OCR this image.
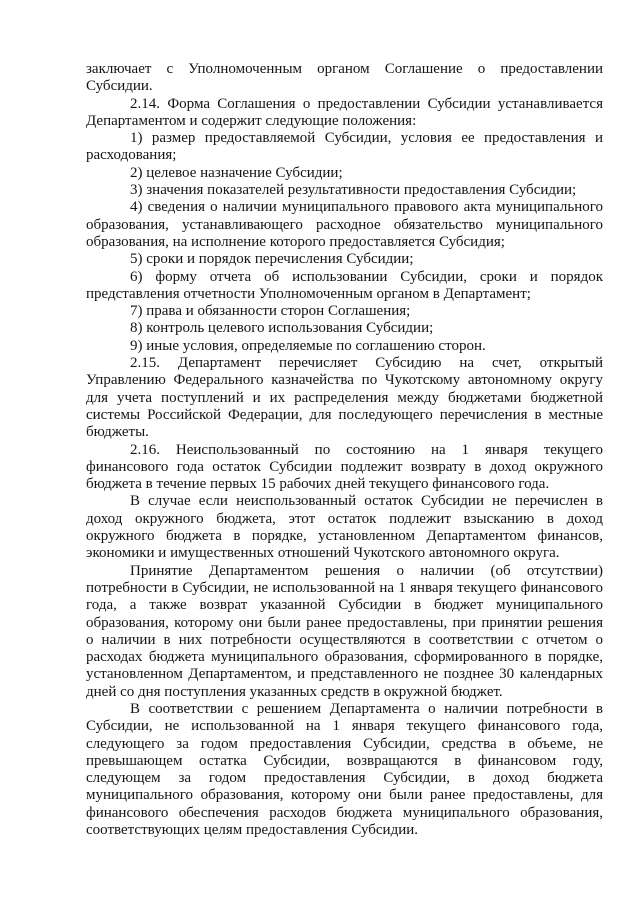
заключает с Уполномоченным органом Соглашение о предоставлении
Субсидии.
2.14. Форма Соглашения о предоставлении Субсидии устанавливается
Департаментом и содержит следующие положения:
1) размер предоставляемой Субсидии, условия ее предоставления и
расходования;
2) целевое назначение Субсидии;
3) значения показателей результативности предоставления Субсидии;
4) сведения о наличии муниципального правового акта муниципального
образования, устанавливающего расходное обязательство муниципального
образования, на исполнение которого предоставляется Субсидия;
5) сроки и порядок перечисления Субсидии;
6) форму отчета об использовании Субсидии, сроки и порядок
представления отчетности Уполномоченным органом в Департамент;
7) права и обязанности сторон Соглашения;
8) контроль целевого использования Субсидии;
9) иные условия, определяемые по соглашению сторон.
2.15. Департамент перечисляет Субсидию на счет, открытый
Управлению Федерального казначейства по Чукотскому автономному округу
для учета поступлений и их распределения между бюджетами бюджетной
системы Российской Федерации, для последующего перечисления в местные
бюджеты.
2.16. Неиспользованный по состоянию на 1 января текущего
финансового года остаток Субсидии подлежит возврату в доход окружного
бюджета в течение первых 15 рабочих дней текущего финансового года.
В случае если неиспользованный остаток Субсидии не перечислен в
доход окружного бюджета, этот остаток подлежит взысканию в доход
окружного бюджета в порядке, установленном Департаментом финансов,
экономики и имущественных отношений Чукотского автономного округа.
Принятие Департаментом решения о наличии (об отсутствии)
потребности в Субсидии, не использованной на 1 января текущего финансового
года, а также возврат указанной Субсидии в бюджет муниципального
образования, которому они были ранее предоставлены, при принятии решения
о наличии в них потребности осуществляются в соответствии с отчетом о
расходах бюджета муниципального образования, сформированного в порядке,
установленном Департаментом, и представленного не позднее 30 календарных
дней со дня поступления указанных средств в окружной бюджет.
В соответствии с решением Департамента о наличии потребности в
Субсидии, не использованной на 1 января текущего финансового года,
следующего за годом предоставления Субсидии, средства в объеме, не
превышающем остатка Субсидии, возвращаются в финансовом году,
следующем за годом предоставления Субсидии, в доход бюджета
муниципального образования, которому они были ранее предоставлены, для
финансового обеспечения расходов бюджета муниципального образования,
соответствующих целям предоставления Субсидии.
